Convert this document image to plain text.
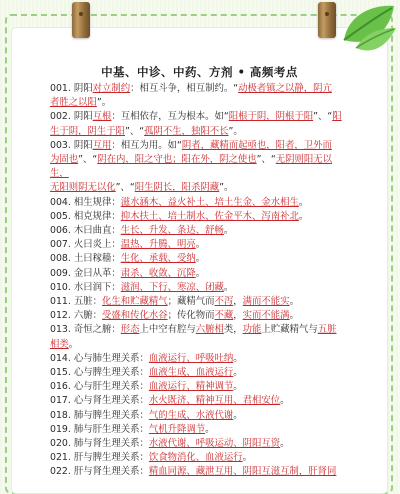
中基、中诊、中药、方剂 • 高频考点
001. 阴阳对立制约：相互斗争，相互制约。“动极者镇之以静，阴亢
者胜之以阳”。
002. 阴阳互根：互相依存，互为根本。如“阳根于阴，阴根于阳”、“阳
生于阴，阴生于阳”、“孤阴不生，独阳不长”。
003. 阴阳互用：相互为用。如“阴者，藏精而起亟也，阳者，卫外而
为固也”、“阴在内，阳之守也；阳在外，阴之使也”、“无阴则阳无以生，
无阳则阴无以化”、“阳生阴长，阳杀阴藏”。
004. 相生规律：滋水涵木、益火补土、培土生金、金水相生。
005. 相克规律：抑木扶土、培土制水、佐金平木、泻南补北。
006. 木曰曲直：生长、升发、条达、舒畅。
007. 火曰炎上：温热、升腾、明亮。
008. 土曰稼穑：生化、承载、受纳。
009. 金曰从革：肃杀、收敛、沉降。
010. 水曰润下：滋润、下行、寒凉、闭藏。
011. 五脏：化生和贮藏精气；藏精气而不泻，满而不能实。
012. 六腑：受盛和传化水谷；传化物而不藏，实而不能满。
013. 奇恒之腑：形态上中空有腔与六腑相类，功能上贮藏精气与五脏
相类。
014. 心与肺生理关系：血液运行、呼吸吐纳。
015. 心与脾生理关系：血液生成、血液运行。
016. 心与肝生理关系：血液运行、精神调节。
017. 心与肾生理关系：水火既济、精神互用、君相安位。
018. 肺与脾生理关系：气的生成、水液代谢。
019. 肺与肝生理关系：气机升降调节。
020. 肺与肾生理关系：水液代谢、呼吸运动、阴阳互资。
021. 肝与脾生理关系：饮食物消化、血液运行。
022. 肝与肾生理关系：精血同源、藏泄互用、阴阳互滋互制，肝肾同
